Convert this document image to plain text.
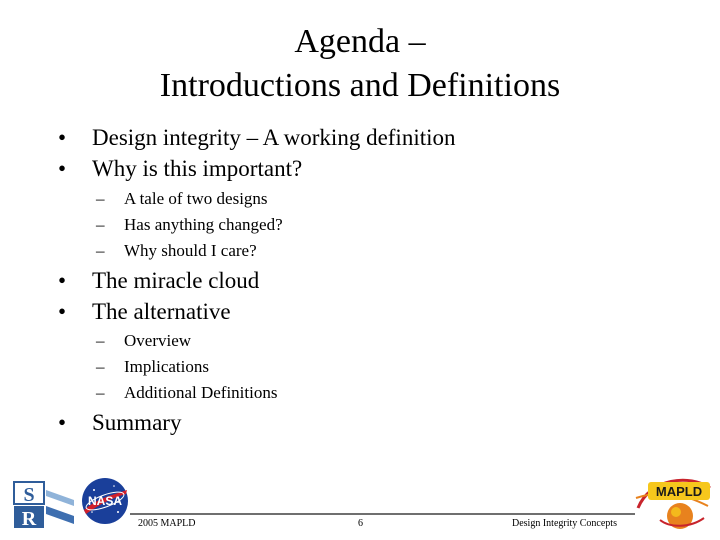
Agenda –
Introductions and Definitions
• Design integrity – A working definition
• Why is this important?
– A tale of two designs
– Has anything changed?
– Why should I care?
• The miracle cloud
• The alternative
– Overview
– Implications
– Additional Definitions
• Summary
S
R
NASA
MAPLD
2005 MAPLD	6	Design Integrity Concepts
